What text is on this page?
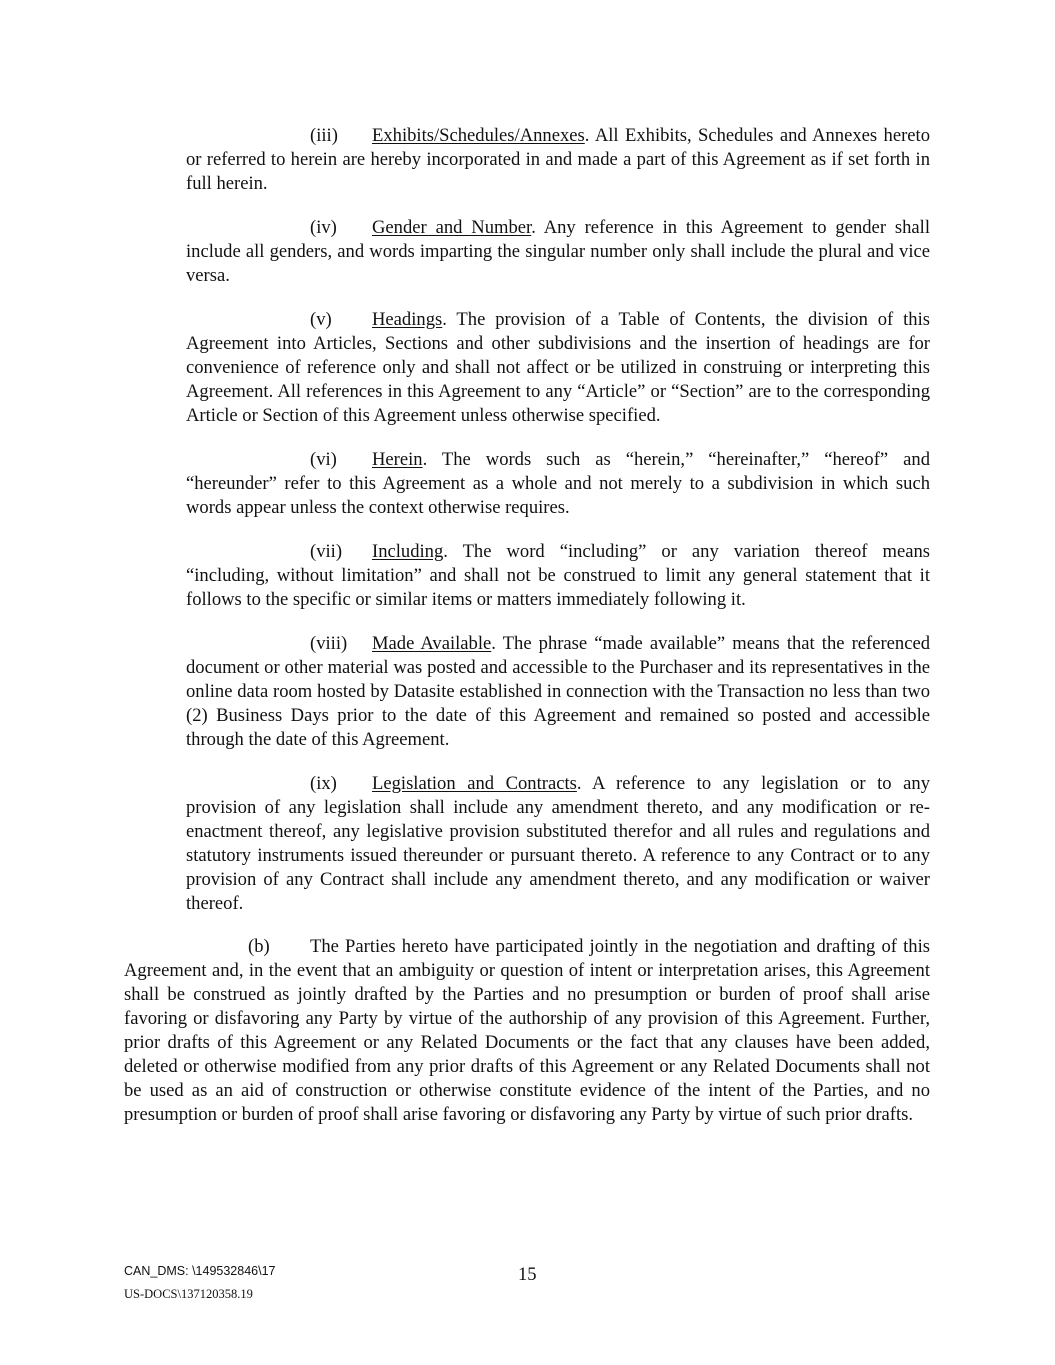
(iii) Exhibits/Schedules/Annexes. All Exhibits, Schedules and Annexes hereto or referred to herein are hereby incorporated in and made a part of this Agreement as if set forth in full herein.

(iv) Gender and Number. Any reference in this Agreement to gender shall include all genders, and words imparting the singular number only shall include the plural and vice versa.

(v) Headings. The provision of a Table of Contents, the division of this Agreement into Articles, Sections and other subdivisions and the insertion of headings are for convenience of reference only and shall not affect or be utilized in construing or interpreting this Agreement. All references in this Agreement to any “Article” or “Section” are to the corresponding Article or Section of this Agreement unless otherwise specified.

(vi) Herein. The words such as “herein,” “hereinafter,” “hereof” and “hereunder” refer to this Agreement as a whole and not merely to a subdivision in which such words appear unless the context otherwise requires.

(vii) Including. The word “including” or any variation thereof means “including, without limitation” and shall not be construed to limit any general statement that it follows to the specific or similar items or matters immediately following it.

(viii) Made Available. The phrase “made available” means that the referenced document or other material was posted and accessible to the Purchaser and its representatives in the online data room hosted by Datasite established in connection with the Transaction no less than two (2) Business Days prior to the date of this Agreement and remained so posted and accessible through the date of this Agreement.

(ix) Legislation and Contracts. A reference to any legislation or to any provision of any legislation shall include any amendment thereto, and any modification or re-enactment thereof, any legislative provision substituted therefor and all rules and regulations and statutory instruments issued thereunder or pursuant thereto. A reference to any Contract or to any provision of any Contract shall include any amendment thereto, and any modification or waiver thereof.

(b) The Parties hereto have participated jointly in the negotiation and drafting of this Agreement and, in the event that an ambiguity or question of intent or interpretation arises, this Agreement shall be construed as jointly drafted by the Parties and no presumption or burden of proof shall arise favoring or disfavoring any Party by virtue of the authorship of any provision of this Agreement. Further, prior drafts of this Agreement or any Related Documents or the fact that any clauses have been added, deleted or otherwise modified from any prior drafts of this Agreement or any Related Documents shall not be used as an aid of construction or otherwise constitute evidence of the intent of the Parties, and no presumption or burden of proof shall arise favoring or disfavoring any Party by virtue of such prior drafts.

CAN_DMS: \149532846\17
US-DOCS\137120358.19
15
